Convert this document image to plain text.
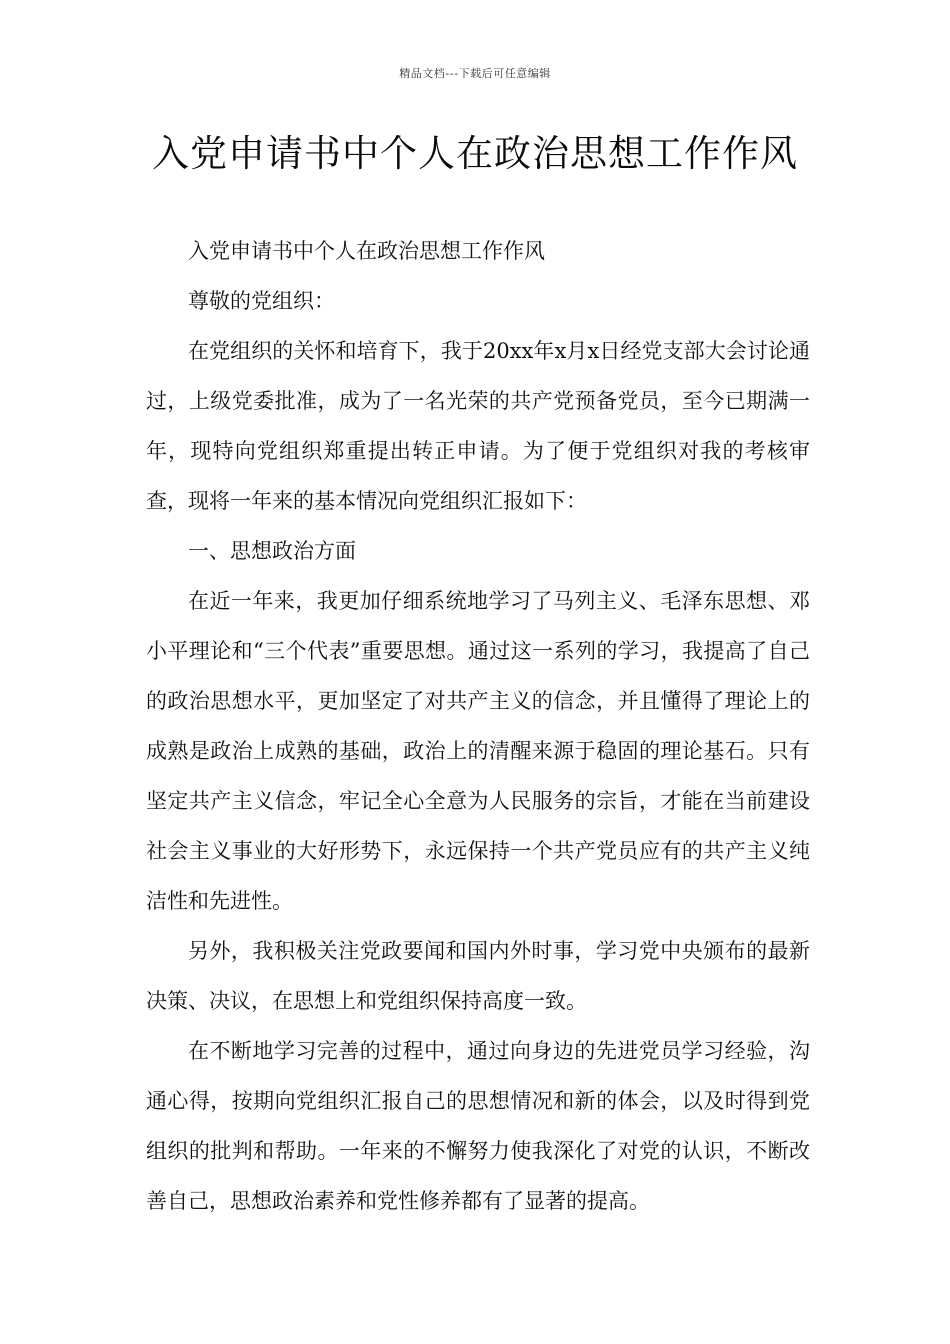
精品文档---下载后可任意编辑
入党申请书中个人在政治思想工作作风

入党申请书中个人在政治思想工作作风

尊敬的党组织：

在党组织的关怀和培育下，我于20xx年x月x日经党支部大会讨论通过，上级党委批准，成为了一名光荣的共产党预备党员，至今已期满一年，现特向党组织郑重提出转正申请。为了便于党组织对我的考核审查，现将一年来的基本情况向党组织汇报如下：

一、思想政治方面

在近一年来，我更加仔细系统地学习了马列主义、毛泽东思想、邓小平理论和“三个代表”重要思想。通过这一系列的学习，我提高了自己的政治思想水平，更加坚定了对共产主义的信念，并且懂得了理论上的成熟是政治上成熟的基础，政治上的清醒来源于稳固的理论基石。只有坚定共产主义信念，牢记全心全意为人民服务的宗旨，才能在当前建设社会主义事业的大好形势下，永远保持一个共产党员应有的共产主义纯洁性和先进性。

另外，我积极关注党政要闻和国内外时事，学习党中央颁布的最新决策、决议，在思想上和党组织保持高度一致。

在不断地学习完善的过程中，通过向身边的先进党员学习经验，沟通心得，按期向党组织汇报自己的思想情况和新的体会，以及时得到党组织的批判和帮助。一年来的不懈努力使我深化了对党的认识，不断改善自己，思想政治素养和党性修养都有了显著的提高。
